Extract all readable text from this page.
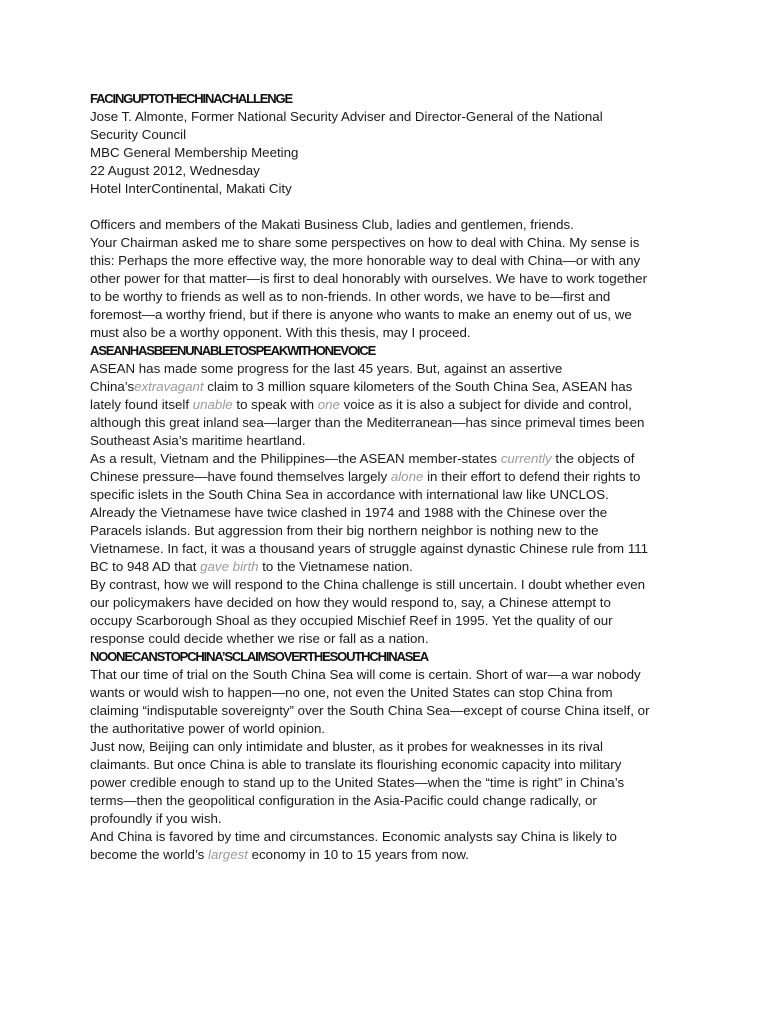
FACINGUPTOTHECHINACHALLENGE
Jose T. Almonte, Former National Security Adviser and Director-General of the National
Security Council
MBC General Membership Meeting
22 August 2012, Wednesday
Hotel InterContinental, Makati City
Officers and members of the Makati Business Club, ladies and gentlemen, friends.
Your Chairman asked me to share some perspectives on how to deal with China. My sense is
this: Perhaps the more effective way, the more honorable way to deal with China—or with any
other power for that matter—is first to deal honorably with ourselves. We have to work together
to be worthy to friends as well as to non-friends. In other words, we have to be—first and
foremost—a worthy friend, but if there is anyone who wants to make an enemy out of us, we
must also be a worthy opponent. With this thesis, may I proceed.
ASEANHASBEENUNABLETOSPEAKWITHONEVOICE
ASEAN has made some progress for the last 45 years. But, against an assertive
China’sextravagant claim to 3 million square kilometers of the South China Sea, ASEAN has
lately found itself unable to speak with one voice as it is also a subject for divide and control,
although this great inland sea—larger than the Mediterranean—has since primeval times been
Southeast Asia’s maritime heartland.
As a result, Vietnam and the Philippines—the ASEAN member-states currently the objects of
Chinese pressure—have found themselves largely alone in their effort to defend their rights to
specific islets in the South China Sea in accordance with international law like UNCLOS.
Already the Vietnamese have twice clashed in 1974 and 1988 with the Chinese over the
Paracels islands. But aggression from their big northern neighbor is nothing new to the
Vietnamese. In fact, it was a thousand years of struggle against dynastic Chinese rule from 111
BC to 948 AD that gave birth to the Vietnamese nation.
By contrast, how we will respond to the China challenge is still uncertain. I doubt whether even
our policymakers have decided on how they would respond to, say, a Chinese attempt to
occupy Scarborough Shoal as they occupied Mischief Reef in 1995. Yet the quality of our
response could decide whether we rise or fall as a nation.
NOONECANSTOPCHINA’SCLAIMSOVERTHESOUTHCHINASEA
That our time of trial on the South China Sea will come is certain. Short of war—a war nobody
wants or would wish to happen—no one, not even the United States can stop China from
claiming “indisputable sovereignty” over the South China Sea—except of course China itself, or
the authoritative power of world opinion.
Just now, Beijing can only intimidate and bluster, as it probes for weaknesses in its rival
claimants. But once China is able to translate its flourishing economic capacity into military
power credible enough to stand up to the United States—when the “time is right” in China’s
terms—then the geopolitical configuration in the Asia-Pacific could change radically, or
profoundly if you wish.
And China is favored by time and circumstances. Economic analysts say China is likely to
become the world’s largest economy in 10 to 15 years from now.
